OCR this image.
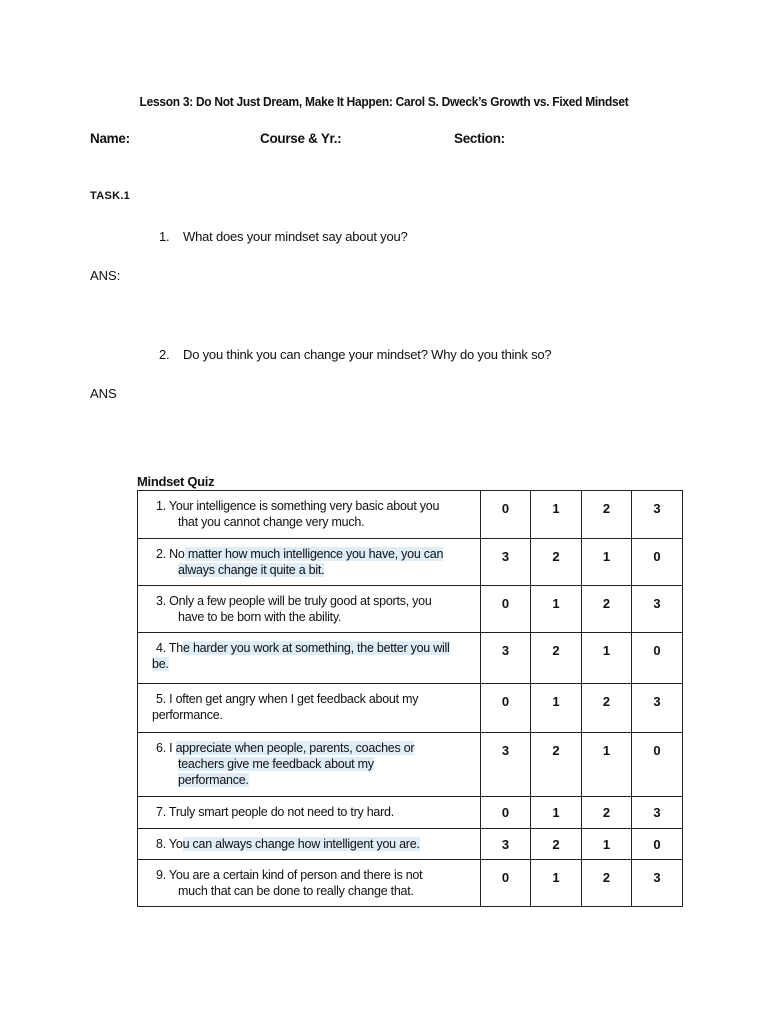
Lesson 3: Do Not Just Dream, Make It Happen: Carol S. Dweck’s Growth vs. Fixed Mindset
Name:	Course & Yr.:	Section:
TASK.1
1. What does your mindset say about you?
ANS:
2. Do you think you can change your mindset? Why do you think so?
ANS
Mindset Quiz
1. Your intelligence is something very basic about you
that you cannot change very much.	0	1	2	3

2. No matter how much intelligence you have, you can
always change it quite a bit.	3	2	1	0

3. Only a few people will be truly good at sports, you
have to be born with the ability.	0	1	2	3

4. The harder you work at something, the better you will
be.	3	2	1	0

5. I often get angry when I get feedback about my
performance.	0	1	2	3

6. I appreciate when people, parents, coaches or
teachers give me feedback about my
performance.	3	2	1	0

7. Truly smart people do not need to try hard.	0	1	2	3

8. You can always change how intelligent you are.	3	2	1	0

9. You are a certain kind of person and there is not
much that can be done to really change that.	0	1	2	3
